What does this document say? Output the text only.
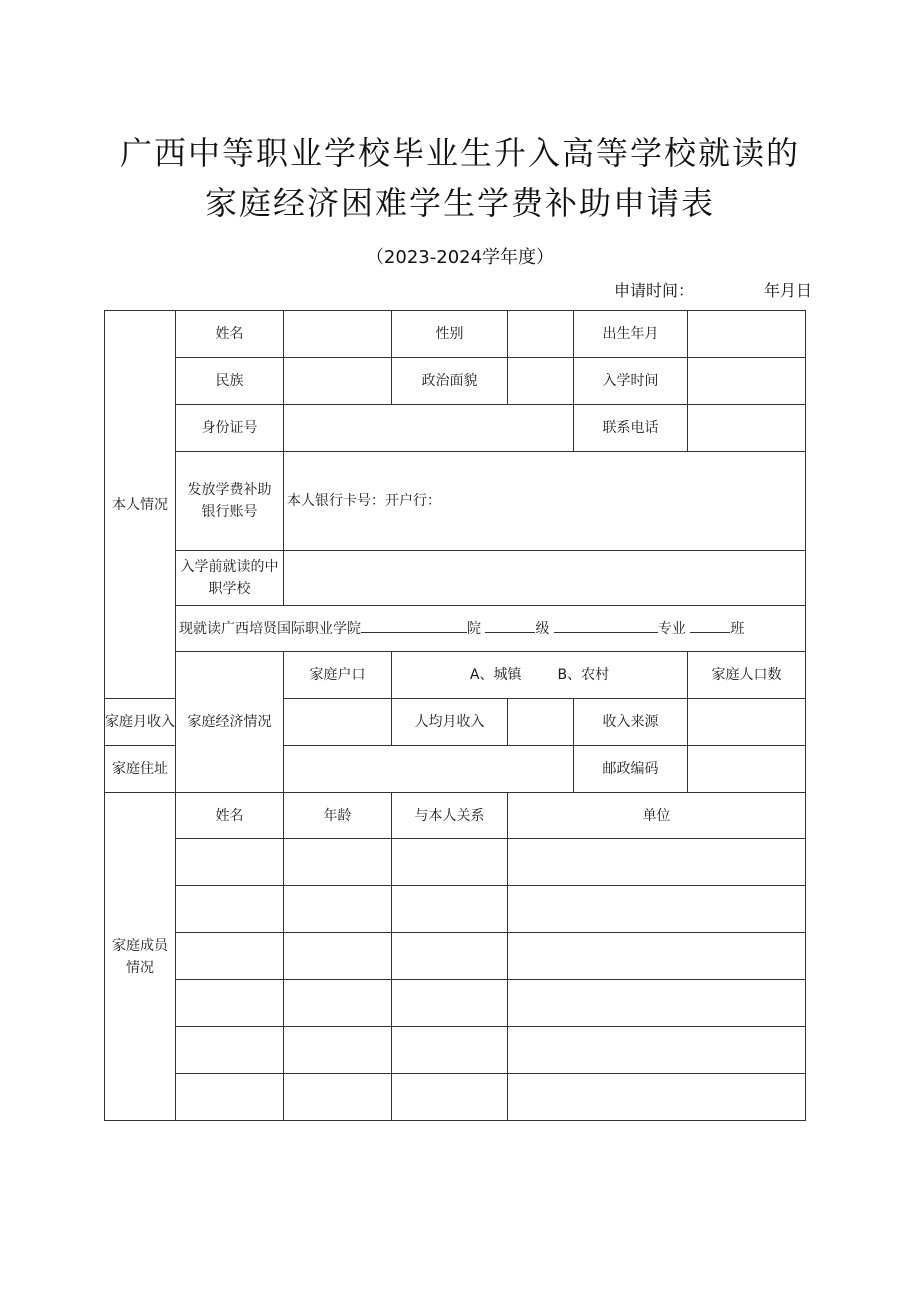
广西中等职业学校毕业生升入高等学校就读的
家庭经济困难学生学费补助申请表
（2023-2024学年度）
申请时间：	年月日
本人情况	姓名		性别		出生年月		
	民族		政治面貌		入学时间		
	身份证号				联系电话		
	发放学费补助银行账号	本人银行卡号：开户行：					
	入学前就读的中职学校						
	现就读广西培贤国际职业学院 院 级 专业 班						
	家庭经济情况	家庭户口	A、城镇 B、农村			家庭人口数	
家庭月收入			人均月收入		收入来源		
家庭住址					邮政编码		
家庭成员情况	姓名	年龄	与本人关系	单位			
